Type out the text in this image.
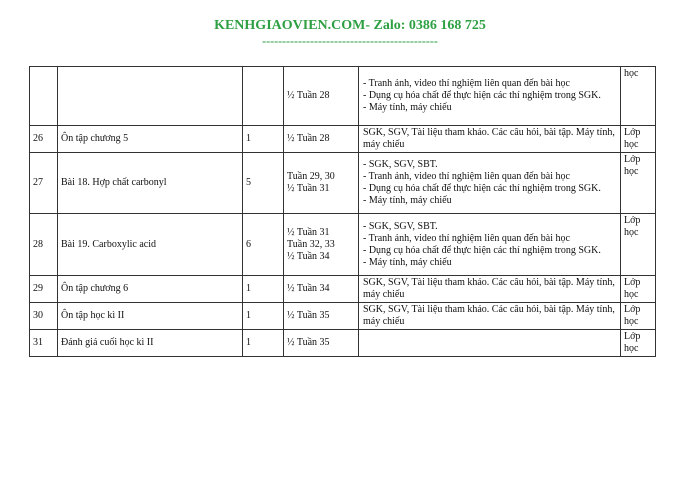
KENHGIAOVIEN.COM- Zalo: 0386 168 725
--------------------------------------------

			½ Tuần 28	- Tranh ảnh, video thí nghiệm liên quan đến bài học
- Dụng cụ hóa chất để thực hiện các thí nghiệm trong SGK.
- Máy tính, máy chiếu	học

26	Ôn tập chương 5	1	½ Tuần 28	SGK, SGV, Tài liệu tham khảo. Các câu hỏi, bài tập. Máy tính, máy chiếu	Lớp học

27	Bài 18. Hợp chất carbonyl	5	Tuần 29, 30
½ Tuần 31	- SGK, SGV, SBT.
- Tranh ảnh, video thí nghiệm liên quan đến bài học
- Dụng cụ hóa chất để thực hiện các thí nghiệm trong SGK.
- Máy tính, máy chiếu	Lớp học

28	Bài 19. Carboxylic acid	6	½ Tuần 31
Tuần 32, 33
½ Tuần 34	- SGK, SGV, SBT.
- Tranh ảnh, video thí nghiệm liên quan đến bài học
- Dụng cụ hóa chất để thực hiện các thí nghiệm trong SGK.
- Máy tính, máy chiếu	Lớp học

29	Ôn tập chương 6	1	½ Tuần 34	SGK, SGV, Tài liệu tham khảo. Các câu hỏi, bài tập. Máy tính, máy chiếu	Lớp học

30	Ôn tập học kì II	1	½ Tuần 35	SGK, SGV, Tài liệu tham khảo. Các câu hỏi, bài tập. Máy tính, máy chiếu	Lớp học

31	Đánh giá cuối học kì II	1	½ Tuần 35		Lớp học
